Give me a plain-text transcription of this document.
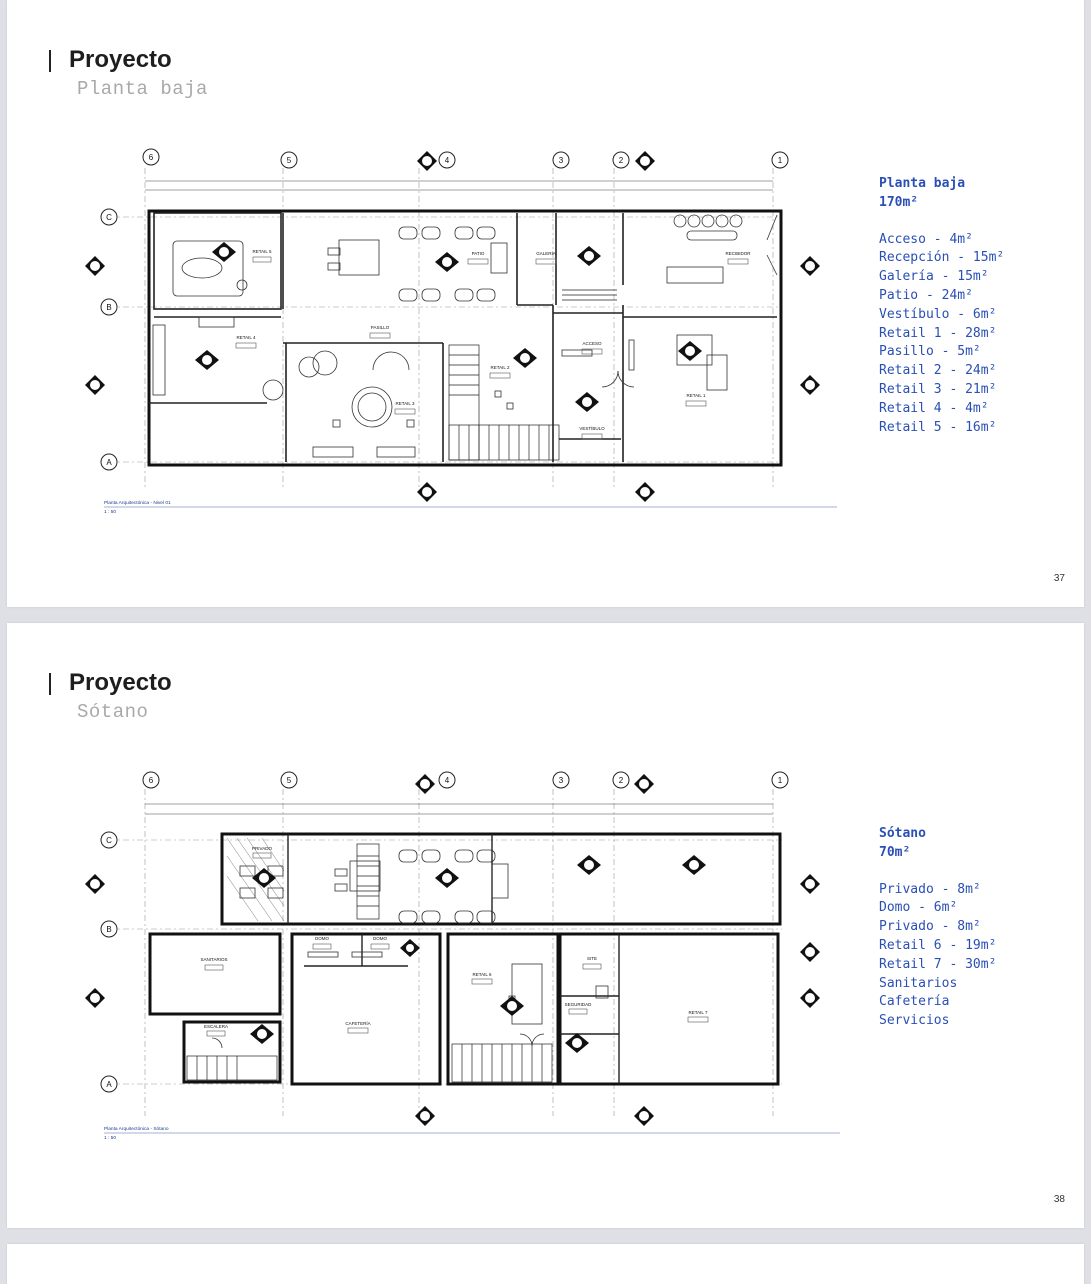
Proyecto
Planta baja
RETAIL 5	PATIO	GALERÍA	RECIBIDOR
RETAIL 4
PASILLO
RETAIL 3
RETAIL 2
ACCESO
VESTÍBULO
RETAIL 1
6	5	4	3	2	1
C
B
A
Planta Arquitectónica - Nivel 01
1 : 50
Planta baja
170m²
Acceso - 4m²
Recepción - 15m²
Galería - 15m²
Patio - 24m²
Vestíbulo - 6m²
Retail 1 - 28m²
Pasillo - 5m²
Retail 2 - 24m²
Retail 3 - 21m²
Retail 4 - 4m²
Retail 5 - 16m²
37
Proyecto
Sótano
PRIVADO
SANITARIOS
DOMO	DOMO
CAFETERÍA
ESCALERA
RETAIL 6
SITE
SEGURIDAD
RETAIL 7
6	5	4	3	2	1
C
B
A
Planta Arquitectónica - Sótano
1 : 50
Sótano
70m²
Privado - 8m²
Domo - 6m²
Privado - 8m²
Retail 6 - 19m²
Retail 7 - 30m²
Sanitarios
Cafetería
Servicios
38
